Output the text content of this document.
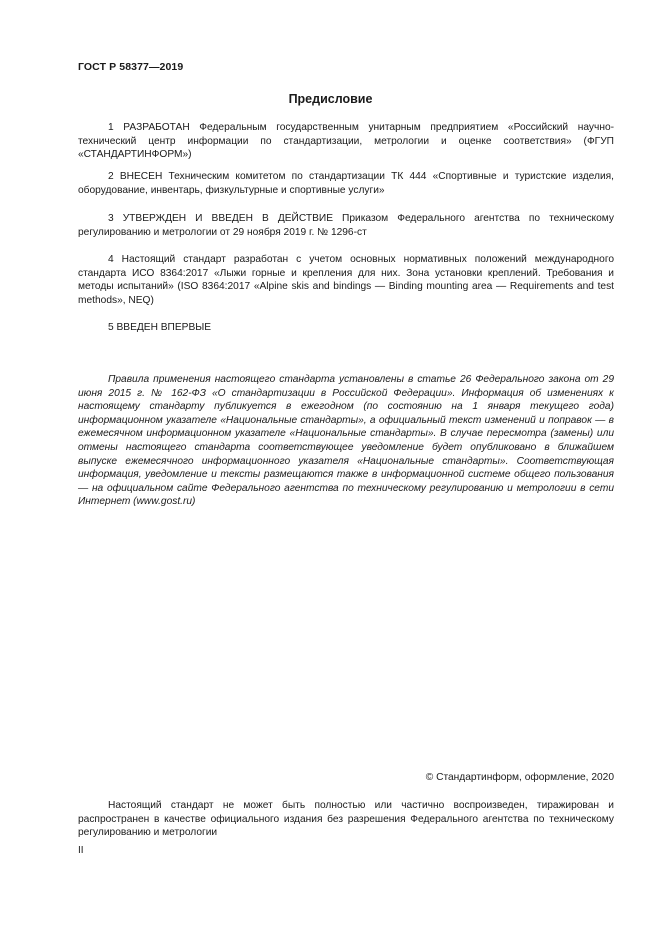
ГОСТ Р 58377—2019
Предисловие

1 РАЗРАБОТАН Федеральным государственным унитарным предприятием «Российский научно-технический центр информации по стандартизации, метрологии и оценке соответствия» (ФГУП «СТАНДАРТИНФОРМ»)

2 ВНЕСЕН Техническим комитетом по стандартизации ТК 444 «Спортивные и туристские изделия, оборудование, инвентарь, физкультурные и спортивные услуги»

3 УТВЕРЖДЕН И ВВЕДЕН В ДЕЙСТВИЕ Приказом Федерального агентства по техническому регулированию и метрологии от 29 ноября 2019 г. № 1296-ст

4 Настоящий стандарт разработан с учетом основных нормативных положений международного стандарта ИСО 8364:2017 «Лыжи горные и крепления для них. Зона установки креплений. Требования и методы испытаний» (ISO 8364:2017 «Alpine skis and bindings — Binding mounting area — Requirements and test methods», NEQ)

5 ВВЕДЕН ВПЕРВЫЕ

Правила применения настоящего стандарта установлены в статье 26 Федерального закона от 29 июня 2015 г. № 162-ФЗ «О стандартизации в Российской Федерации». Информация об изменениях к настоящему стандарту публикуется в ежегодном (по состоянию на 1 января текущего года) информационном указателе «Национальные стандарты», а официальный текст изменений и поправок — в ежемесячном информационном указателе «Национальные стандарты». В случае пересмотра (замены) или отмены настоящего стандарта соответствующее уведомление будет опубликовано в ближайшем выпуске ежемесячного информационного указателя «Национальные стандарты». Соответствующая информация, уведомление и тексты размещаются также в информационной системе общего пользования — на официальном сайте Федерального агентства по техническому регулированию и метрологии в сети Интернет (www.gost.ru)

© Стандартинформ, оформление, 2020

Настоящий стандарт не может быть полностью или частично воспроизведен, тиражирован и распространен в качестве официального издания без разрешения Федерального агентства по техническому регулированию и метрологии

II
